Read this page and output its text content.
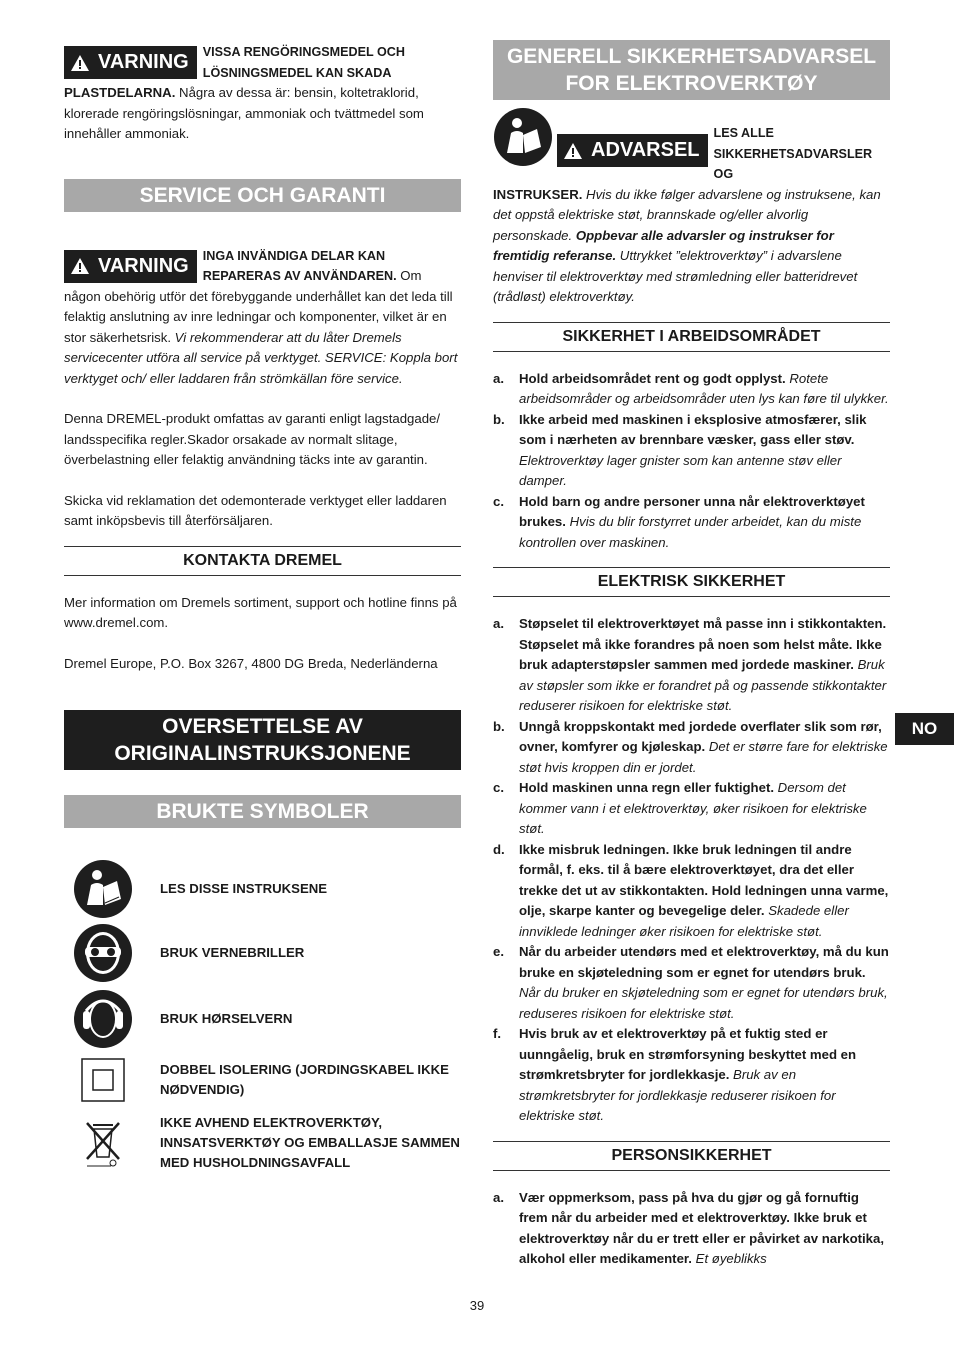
VARNING	VISSA RENGÖRINGSMEDEL OCH LÖSNINGSMEDEL KAN SKADA

PLASTDELARNA. Några av dessa är: bensin, koltetraklorid, klorerade rengöringslösningar, ammoniak och tvättmedel som innehåller ammoniak.

SERVICE OCH GARANTI
VARNING	INGA INVÄNDIGA DELAR KAN REPARERAS AV ANVÄNDAREN. Om någon obehörig utför det förebyggande underhållet kan det leda till felaktig anslutning av inre ledningar och komponenter, vilket är en stor säkerhetsrisk. Vi rekommenderar att du låter Dremels servicecenter utföra all service på verktyget. SERVICE: Koppla bort verktyget och/ eller laddaren från strömkällan före service.

Denna DREMEL-produkt omfattas av garanti enligt lagstadgade/ landsspecifika regler.Skador orsakade av normalt slitage, överbelastning eller felaktig användning täcks inte av garantin.

Skicka vid reklamation det odemonterade verktyget eller laddaren samt inköpsbevis till återförsäljaren.

KONTAKTA DREMEL

Mer information om Dremels sortiment, support och hotline finns på www.dremel.com.

Dremel Europe, P.O. Box 3267, 4800 DG Breda, Nederländerna

OVERSETTELSE AV ORIGINALINSTRUKSJONENE
BRUKTE SYMBOLER
LES DISSE INSTRUKSENE
BRUK VERNEBRILLER
BRUK HØRSELVERN
DOBBEL ISOLERING (JORDINGSKABEL IKKE NØDVENDIG)
IKKE AVHEND ELEKTROVERKTØY, INNSATSVERKTØY OG EMBALLASJE SAMMEN MED HUSHOLDNINGSAVFALL
GENERELL SIKKERHETSADVARSEL FOR ELEKTROVERKTØY
ADVARSEL

LES ALLE SIKKERHETSADVARSLER OG

INSTRUKSER. Hvis du ikke følger advarslene og instruksene, kan det oppstå elektriske støt, brannskade og/eller alvorlig personskade. Oppbevar alle advarsler og instrukser for fremtidig referanse. Uttrykket ”elektroverktøy” i advarslene henviser til elektroverktøy med strømledning eller batteridrevet (trådløst) elektroverktøy.

SIKKERHET I ARBEIDSOMRÅDET
a.	Hold arbeidsområdet rent og godt opplyst. Rotete arbeidsområder og arbeidsområder uten lys kan føre til ulykker.
b.	Ikke arbeid med maskinen i eksplosive atmosfærer, slik som i nærheten av brennbare væsker, gass eller støv. Elektroverktøy lager gnister som kan antenne støv eller damper.
c.	Hold barn og andre personer unna når elektroverktøyet brukes. Hvis du blir forstyrret under arbeidet, kan du miste kontrollen over maskinen.
ELEKTRISK SIKKERHET
a.	Støpselet til elektroverktøyet må passe inn i stikkontakten. Støpselet må ikke forandres på noen som helst måte. Ikke bruk adapterstøpsler sammen med jordede maskiner. Bruk av støpsler som ikke er forandret på og passende stikkontakter reduserer risikoen for elektriske støt.
b.	Unngå kroppskontakt med jordede overflater slik som rør, ovner, komfyrer og kjøleskap. Det er større fare for elektriske støt hvis kroppen din er jordet.
c.	Hold maskinen unna regn eller fuktighet. Dersom det kommer vann i et elektroverktøy, øker risikoen for elektriske støt.
d.	Ikke misbruk ledningen. Ikke bruk ledningen til andre formål, f. eks. til å bære elektroverktøyet, dra det eller trekke det ut av stikkontakten. Hold ledningen unna varme, olje, skarpe kanter og bevegelige deler. Skadede eller innviklede ledninger øker risikoen for elektriske støt.
e.	Når du arbeider utendørs med et elektroverktøy, må du kun bruke en skjøteledning som er egnet for utendørs bruk. Når du bruker en skjøteledning som er egnet for utendørs bruk, reduseres risikoen for elektriske støt.
f.	Hvis bruk av et elektroverktøy på et fuktig sted er uunngåelig, bruk en strømforsyning beskyttet med en strømkretsbryter for jordlekkasje. Bruk av en strømkretsbryter for jordlekkasje reduserer risikoen for elektriske støt.
PERSONSIKKERHET
a.	Vær oppmerksom, pass på hva du gjør og gå fornuftig frem når du arbeider med et elektroverktøy. Ikke bruk et elektroverktøy når du er trett eller er påvirket av narkotika, alkohol eller medikamenter. Et øyeblikks
NO
39
